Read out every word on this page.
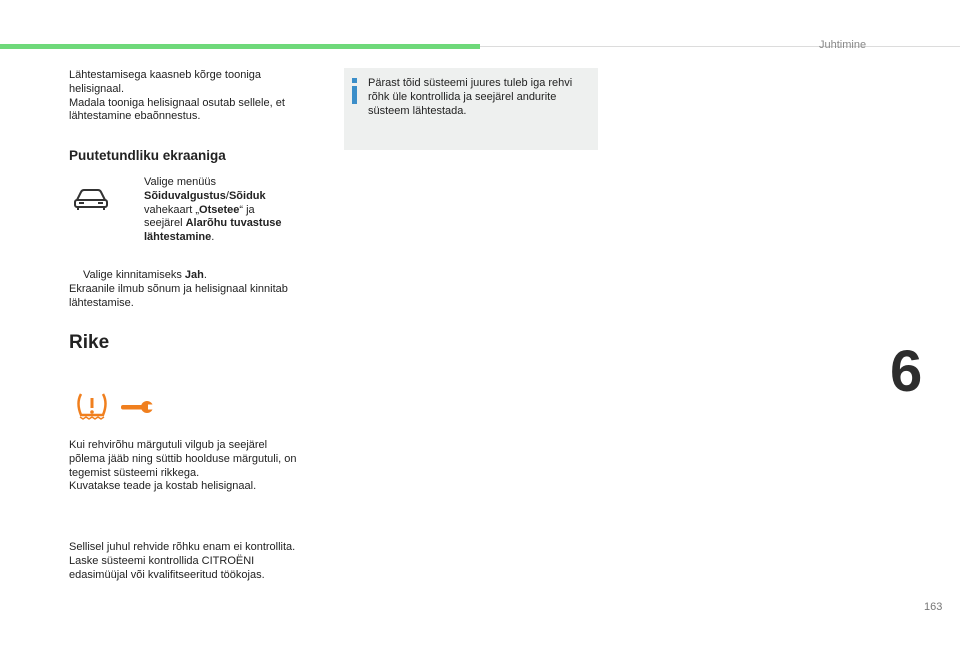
Juhtimine
Lähtestamisega kaasneb kõrge tooniga
helisignaal.
Madala tooniga helisignaal osutab sellele, et
lähtestamine ebaõnnestus.
Puutetundliku ekraaniga
Valige menüüs
Sõiduvalgustus/Sõiduk
vahekaart „Otsetee“ ja
seejärel Alarõhu tuvastuse
lähtestamine.
Valige kinnitamiseks Jah.
Ekraanile ilmub sõnum ja helisignaal kinnitab
lähtestamise.
Rike
Kui rehvirõhu märgutuli vilgub ja seejärel
põlema jääb ning süttib hoolduse märgutuli, on
tegemist süsteemi rikkega.
Kuvatakse teade ja kostab helisignaal.
Sellisel juhul rehvide rõhku enam ei kontrollita.
Laske süsteemi kontrollida CITROËNI
edasimüüjal või kvalifitseeritud töökojas.
Pärast tõid süsteemi juures tuleb iga rehvi
rõhk üle kontrollida ja seejärel andurite
süsteem lähtestada.
6
163
